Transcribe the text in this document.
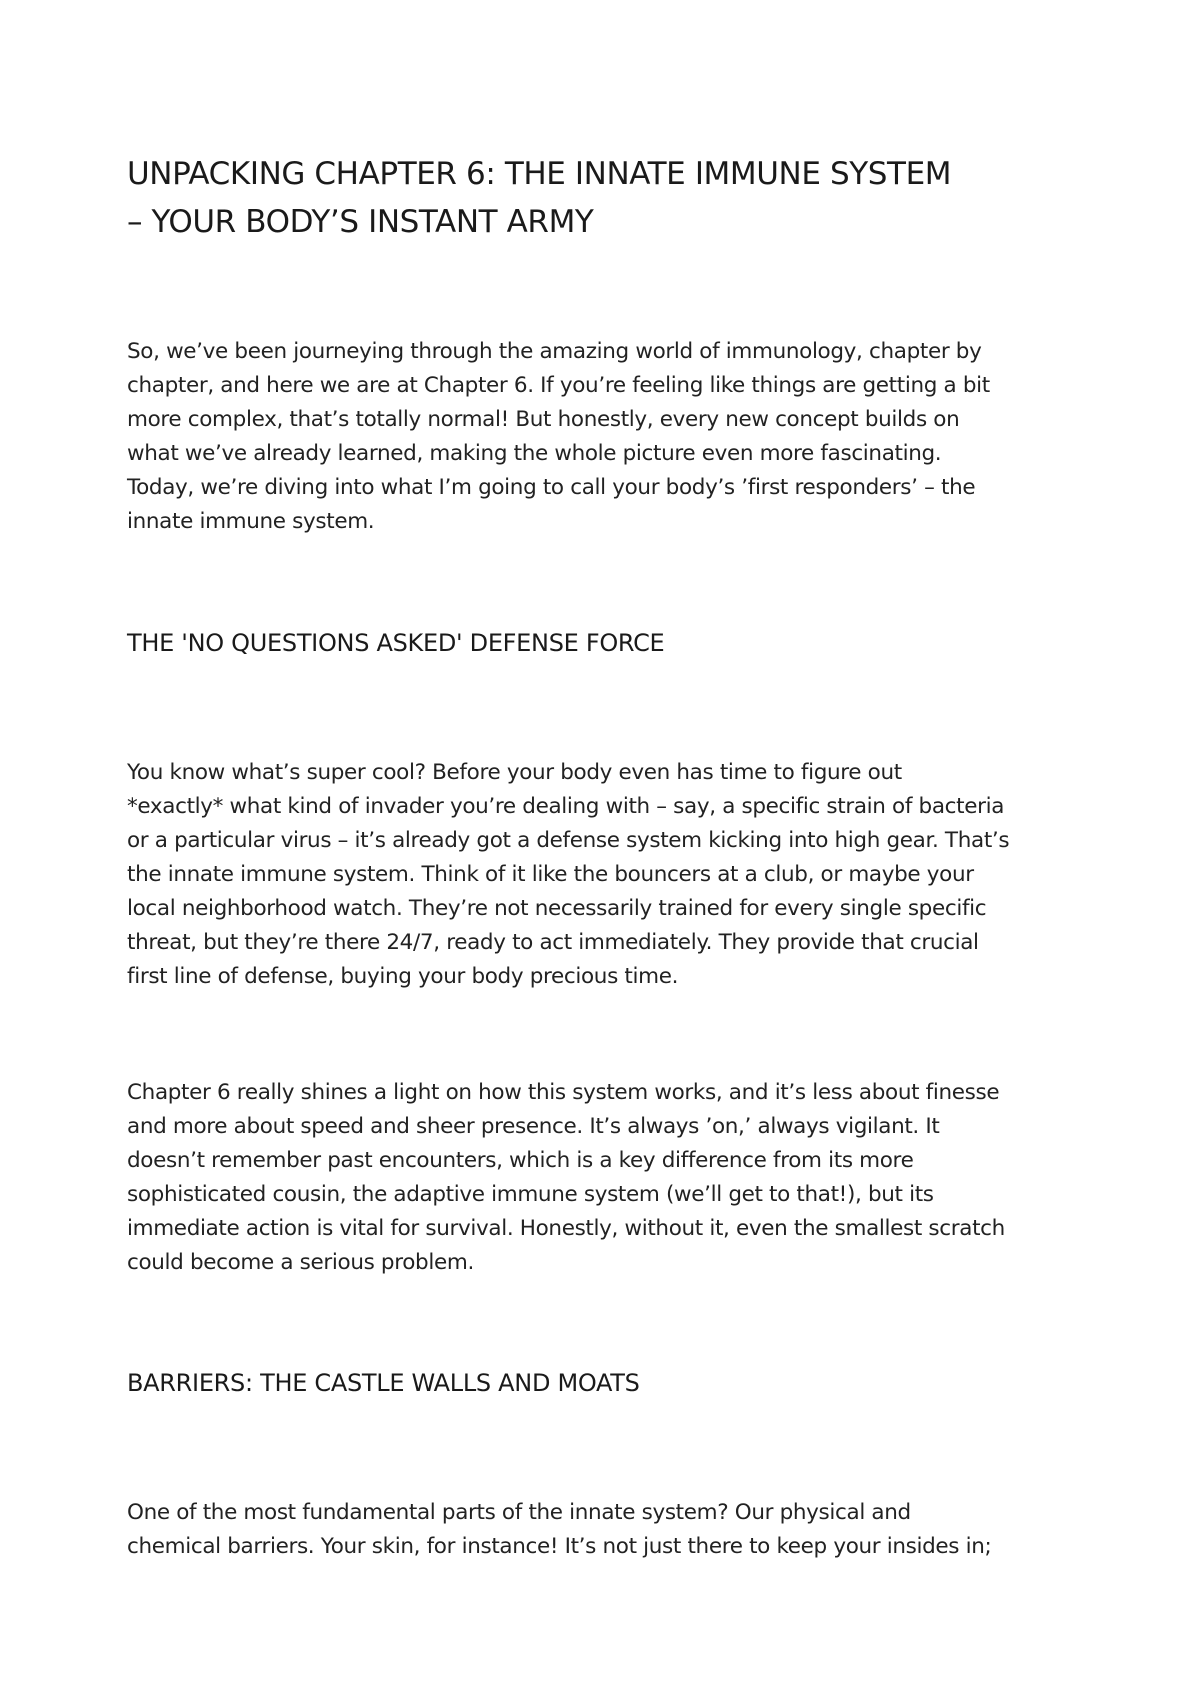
UNPACKING CHAPTER 6: THE INNATE IMMUNE SYSTEM
– YOUR BODY’S INSTANT ARMY

So, we’ve been journeying through the amazing world of immunology, chapter by
chapter, and here we are at Chapter 6. If you’re feeling like things are getting a bit
more complex, that’s totally normal! But honestly, every new concept builds on
what we’ve already learned, making the whole picture even more fascinating.
Today, we’re diving into what I’m going to call your body’s ’first responders’ – the
innate immune system.

THE 'NO QUESTIONS ASKED' DEFENSE FORCE

You know what’s super cool? Before your body even has time to figure out
*exactly* what kind of invader you’re dealing with – say, a specific strain of bacteria
or a particular virus – it’s already got a defense system kicking into high gear. That’s
the innate immune system. Think of it like the bouncers at a club, or maybe your
local neighborhood watch. They’re not necessarily trained for every single specific
threat, but they’re there 24/7, ready to act immediately. They provide that crucial
first line of defense, buying your body precious time.

Chapter 6 really shines a light on how this system works, and it’s less about finesse
and more about speed and sheer presence. It’s always ’on,’ always vigilant. It
doesn’t remember past encounters, which is a key difference from its more
sophisticated cousin, the adaptive immune system (we’ll get to that!), but its
immediate action is vital for survival. Honestly, without it, even the smallest scratch
could become a serious problem.

BARRIERS: THE CASTLE WALLS AND MOATS

One of the most fundamental parts of the innate system? Our physical and
chemical barriers. Your skin, for instance! It’s not just there to keep your insides in;
